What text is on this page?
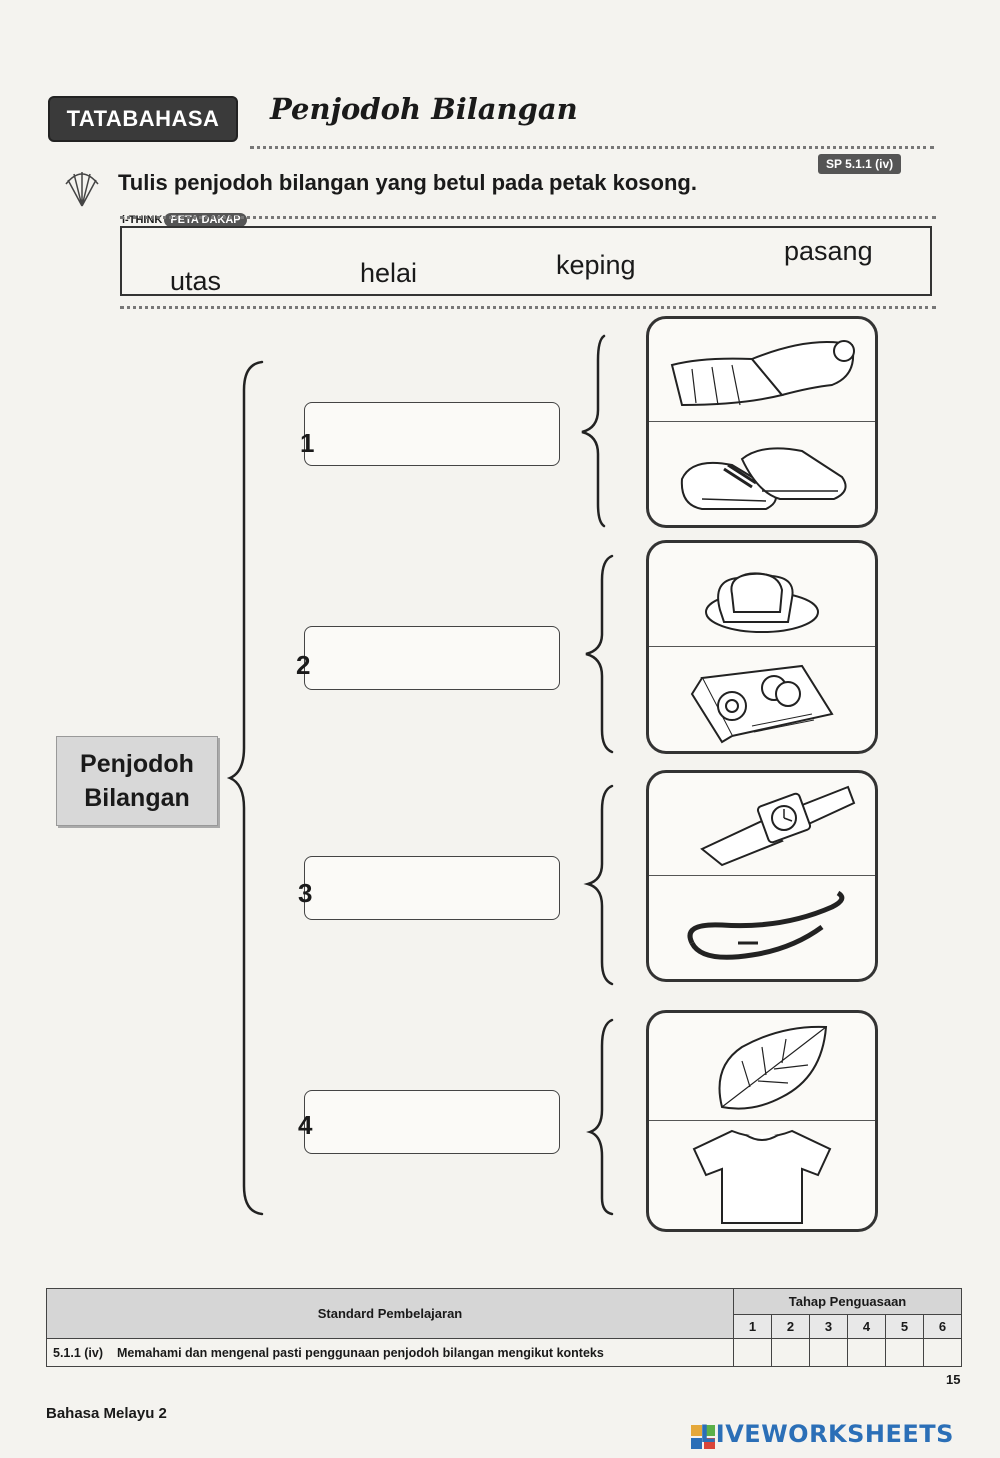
TATABAHASA	Penjodoh Bilangan
Tulis penjodoh bilangan yang betul pada petak kosong.
SP 5.1.1 (iv)
i-THINK PETA DAKAP
utas	helai	keping	pasang
Penjodoh
Bilangan
1
2
3
4
Standard Pembelajaran	Tahap Penguasaan					
	1	2	3	4	5	6
5.1.1 (iv) Memahami dan mengenal pasti penggunaan penjodoh bilangan mengikut konteks						
Bahasa Melayu 2
15
LIVEWORKSHEETS
